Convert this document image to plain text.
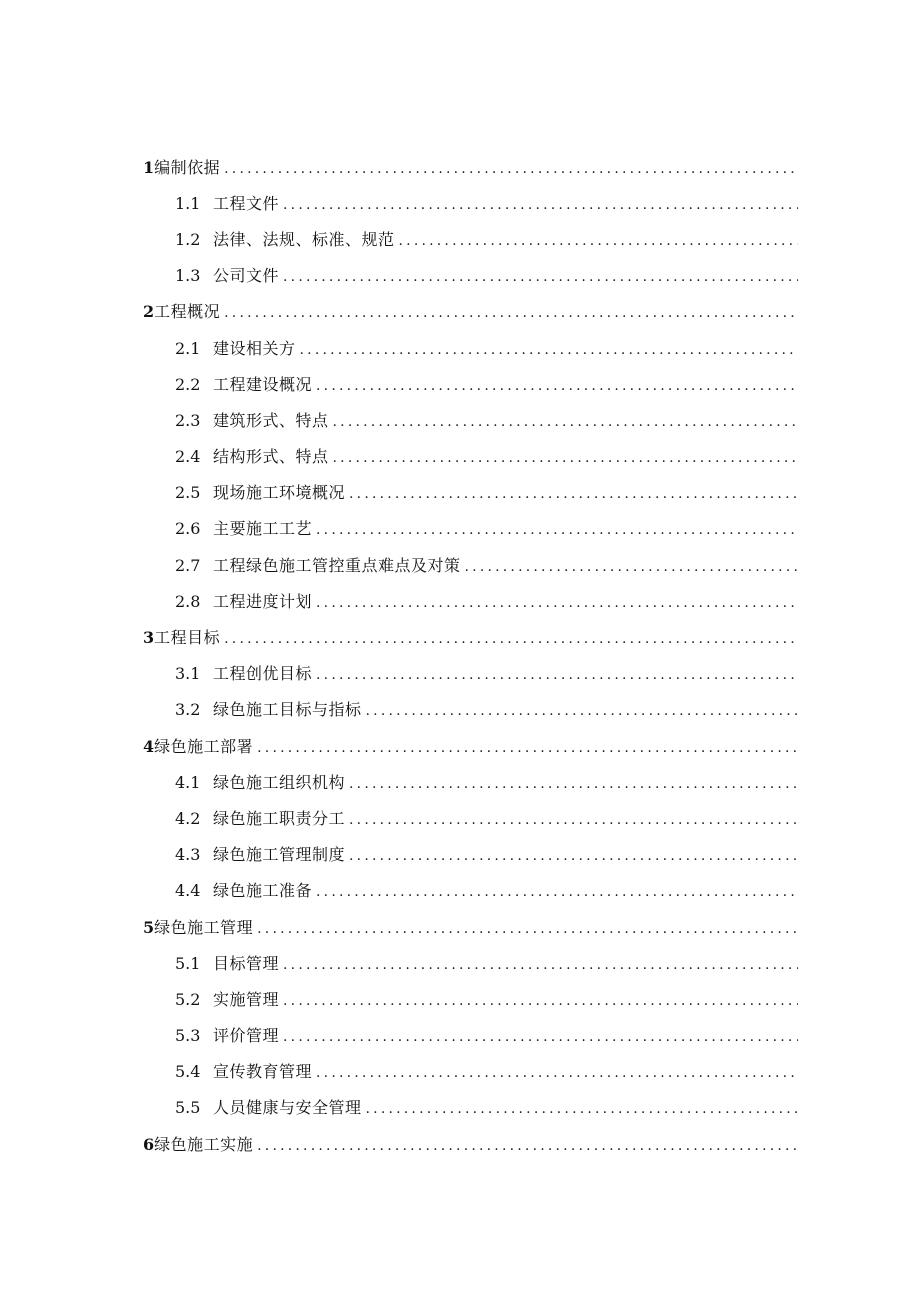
1 编制依据
.....
1.1 工程文件
.....
1.2 法律、法规、标准、规范
.....
1.3 公司文件
.....
2 工程概况
.....
2.1 建设相关方
.....
2.2 工程建设概况
.....
2.3 建筑形式、特点
.....
2.4 结构形式、特点
.....
2.5 现场施工环境概况
.....
2.6 主要施工工艺
.....
2.7 工程绿色施工管控重点难点及对策
.....
2.8 工程进度计划
.....
3 工程目标
.....
3.1 工程创优目标
.....
3.2 绿色施工目标与指标
.....
4 绿色施工部署
.....
4.1 绿色施工组织机构
.....
4.2 绿色施工职责分工
.....
4.3 绿色施工管理制度
.....
4.4 绿色施工准备
.....
5 绿色施工管理
.....
5.1 目标管理
.....
5.2 实施管理
.....
5.3 评价管理
.....
5.4 宣传教育管理
.....
5.5 人员健康与安全管理
.....
6 绿色施工实施
.....
